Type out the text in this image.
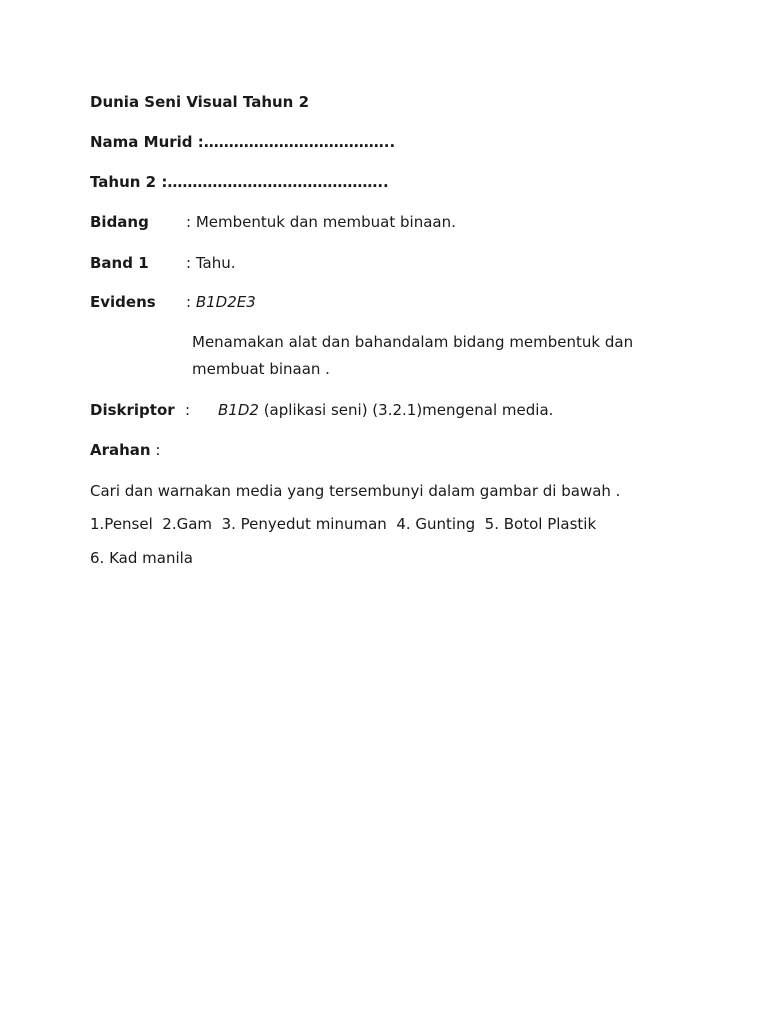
Dunia Seni Visual Tahun 2
Nama Murid :………………………………..
Tahun 2 :……………………………………..
Bidang : Membentuk dan membuat binaan.
Band 1 : Tahu.
Evidens : B1D2E3
Menamakan alat dan bahandalam bidang membentuk dan
membuat binaan .
Diskriptor : B1D2 (aplikasi seni) (3.2.1)mengenal media.
Arahan :
Cari dan warnakan media yang tersembunyi dalam gambar di bawah .
1.Pensel  2.Gam  3. Penyedut minuman  4. Gunting  5. Botol Plastik
6. Kad manila
